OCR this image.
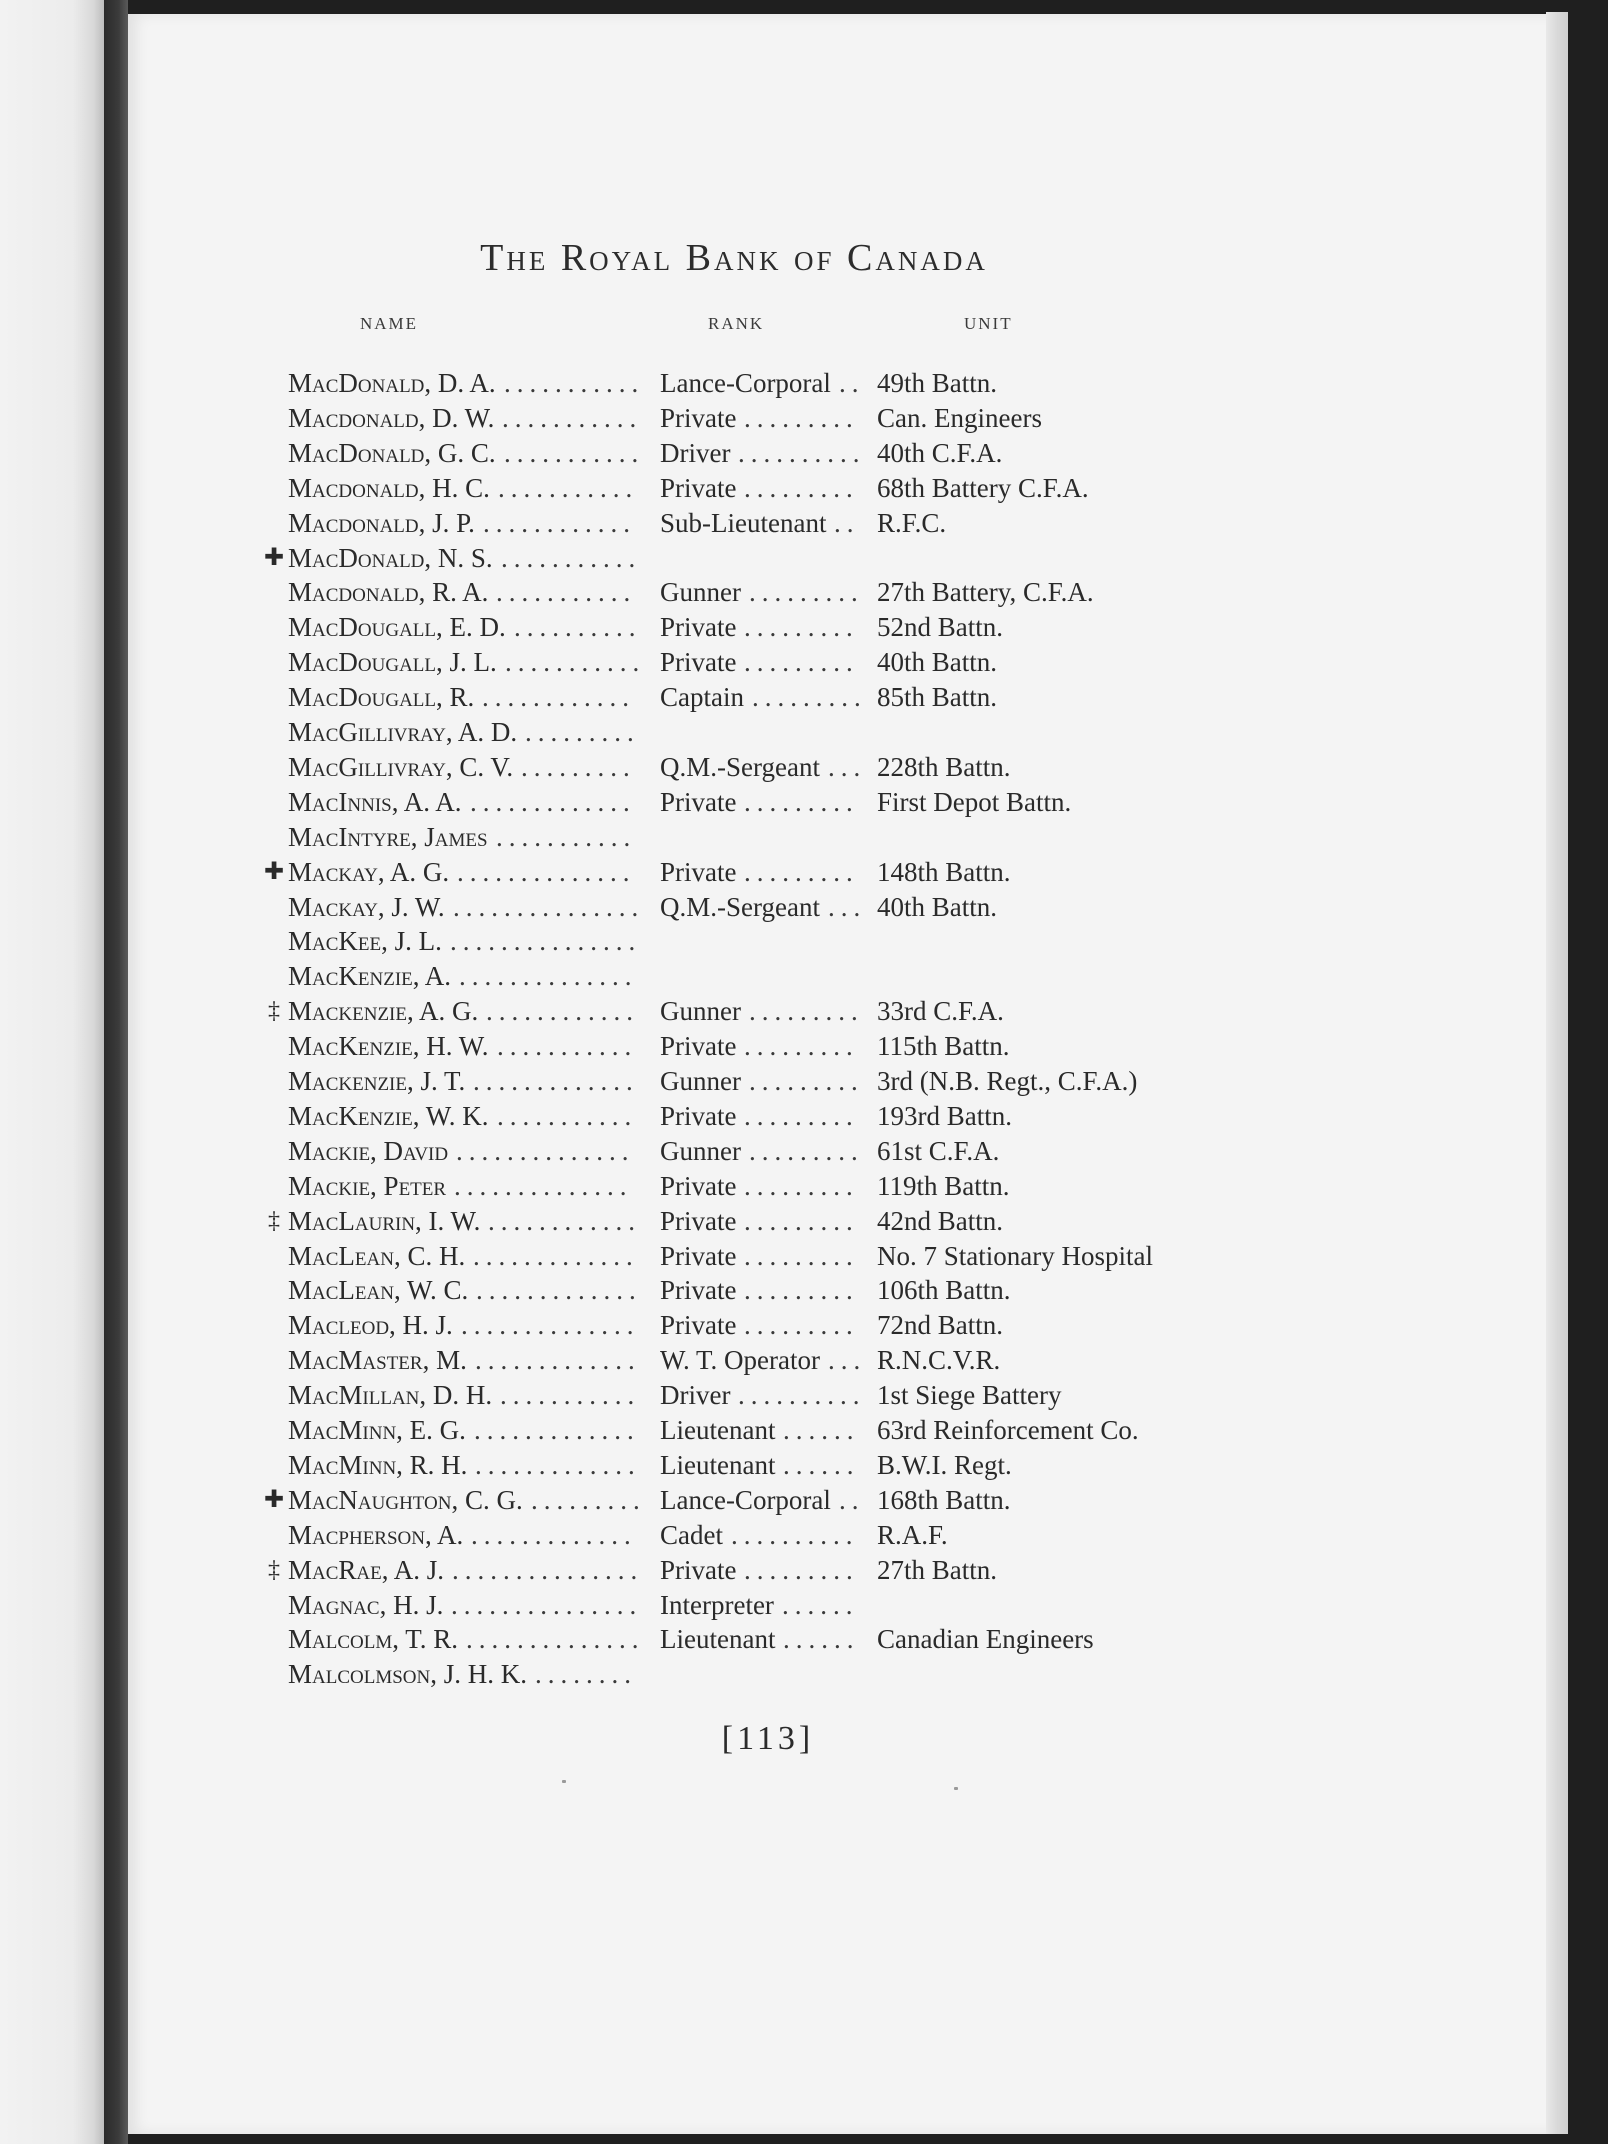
The Royal Bank of Canada
NAME	RANK	UNIT
MacDonald, D. A. ........... Lance-Corporal .. 49th Battn.
Macdonald, D. W. ........... Private ......... Can. Engineers
MacDonald, G. C. ........... Driver .......... 40th C.F.A.
Macdonald, H. C. ........... Private ......... 68th Battery C.F.A.
Macdonald, J. P. ............ Sub-Lieutenant .. R.F.C.
✚ MacDonald, N. S. ...........
Macdonald, R. A. ........... Gunner ......... 27th Battery, C.F.A.
MacDougall, E. D. .......... Private ......... 52nd Battn.
MacDougall, J. L. ........... Private ......... 40th Battn.
MacDougall, R. ............ Captain ......... 85th Battn.
MacGillivray, A. D. .........
MacGillivray, C. V. ......... Q.M.-Sergeant ... 228th Battn.
MacInnis, A. A. ............. Private ......... First Depot Battn.
MacIntyre, James ...........
✚ Mackay, A. G. .............. Private ......... 148th Battn.
Mackay, J. W. ............... Q.M.-Sergeant ... 40th Battn.
MacKee, J. L. ...............
MacKenzie, A. ..............
‡ Mackenzie, A. G. ............ Gunner ......... 33rd C.F.A.
MacKenzie, H. W. ........... Private ......... 115th Battn.
Mackenzie, J. T. ............. Gunner ......... 3rd (N.B. Regt., C.F.A.)
MacKenzie, W. K. ........... Private ......... 193rd Battn.
Mackie, David .............. Gunner ......... 61st C.F.A.
Mackie, Peter .............. Private ......... 119th Battn.
‡ MacLaurin, I. W. ............ Private ......... 42nd Battn.
MacLean, C. H. ............. Private ......... No. 7 Stationary Hospital
MacLean, W. C. ............. Private ......... 106th Battn.
Macleod, H. J. .............. Private ......... 72nd Battn.
MacMaster, M. ............. W. T. Operator ... R.N.C.V.R.
MacMillan, D. H. ........... Driver .......... 1st Siege Battery
MacMinn, E. G. ............. Lieutenant ...... 63rd Reinforcement Co.
MacMinn, R. H. ............. Lieutenant ...... B.W.I. Regt.
✚ MacNaughton, C. G. ......... Lance-Corporal .. 168th Battn.
Macpherson, A. ............. Cadet .......... R.A.F.
‡ MacRae, A. J. ............... Private ......... 27th Battn.
Magnac, H. J. ............... Interpreter ......
Malcolm, T. R. .............. Lieutenant ...... Canadian Engineers
Malcolmson, J. H. K. ........
[113]
